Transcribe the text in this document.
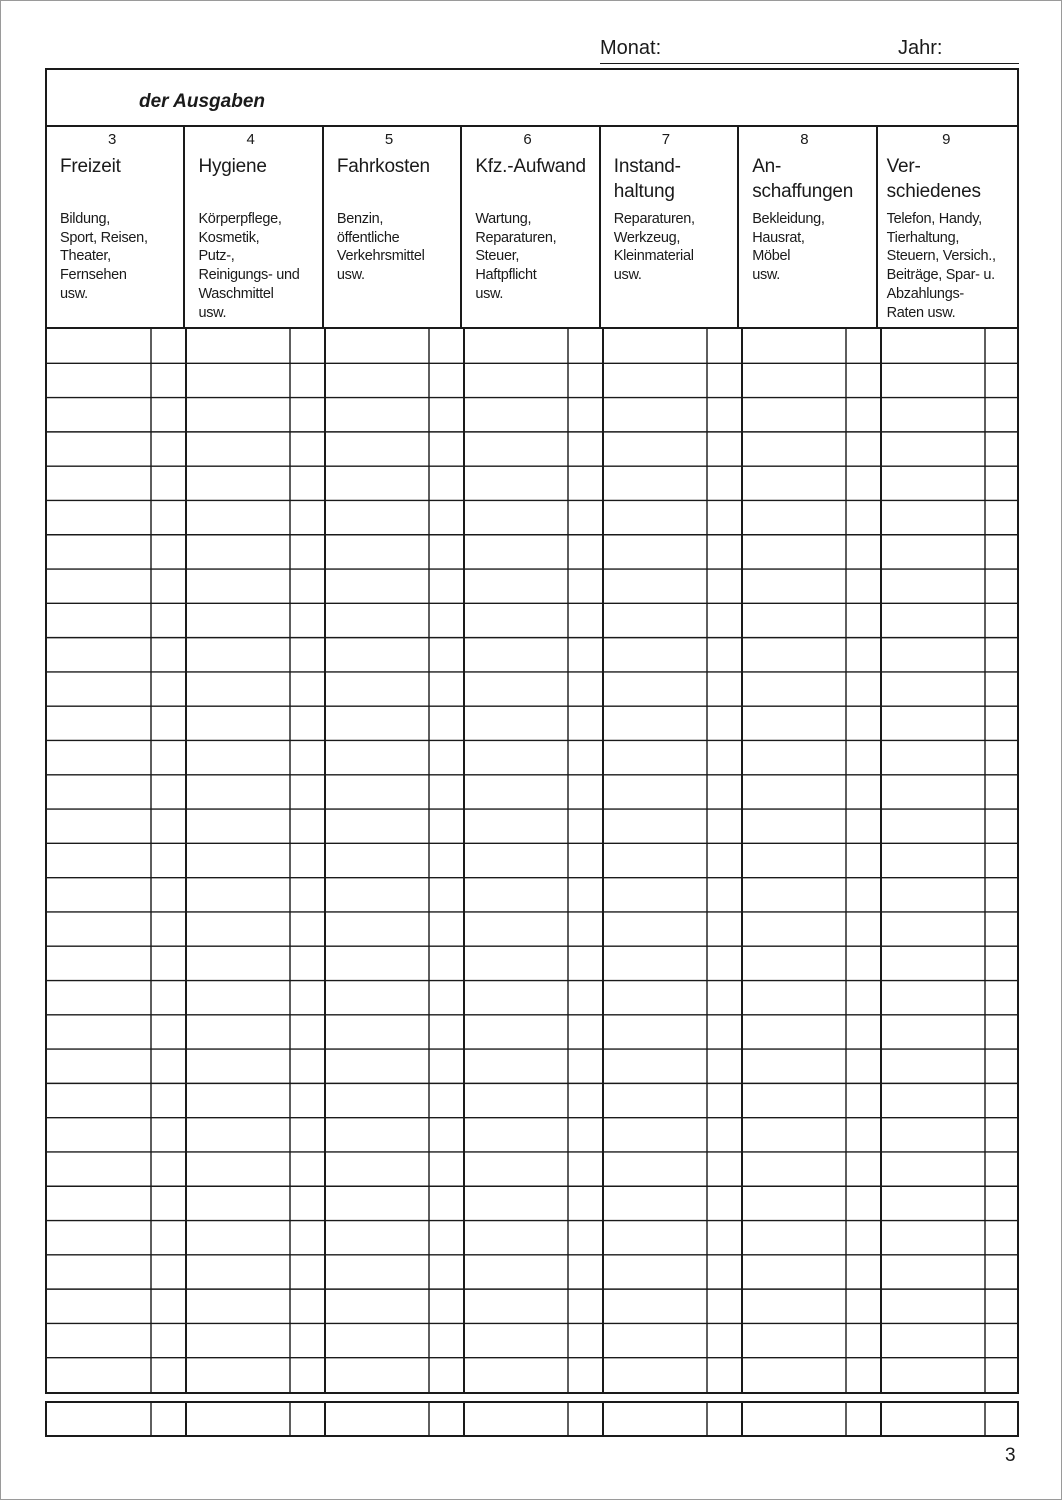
Monat:	Jahr:
der Ausgaben
3
Freizeit
Bildung,
Sport, Reisen,
Theater,
Fernsehen
usw.
4
Hygiene
Körperpflege,
Kosmetik,
Putz-,
Reinigungs- und
Waschmittel
usw.
5
Fahrkosten
Benzin,
öffentliche
Verkehrsmittel
usw.
6
Kfz.-Aufwand
Wartung,
Reparaturen,
Steuer,
Haftpflicht
usw.
7
Instand-
haltung
Reparaturen,
Werkzeug,
Kleinmaterial
usw.
8
An-
schaffungen
Bekleidung,
Hausrat,
Möbel
usw.
9
Ver-
schiedenes
Telefon, Handy,
Tierhaltung,
Steuern, Versich.,
Beiträge, Spar- u.
Abzahlungs-
Raten usw.
3
